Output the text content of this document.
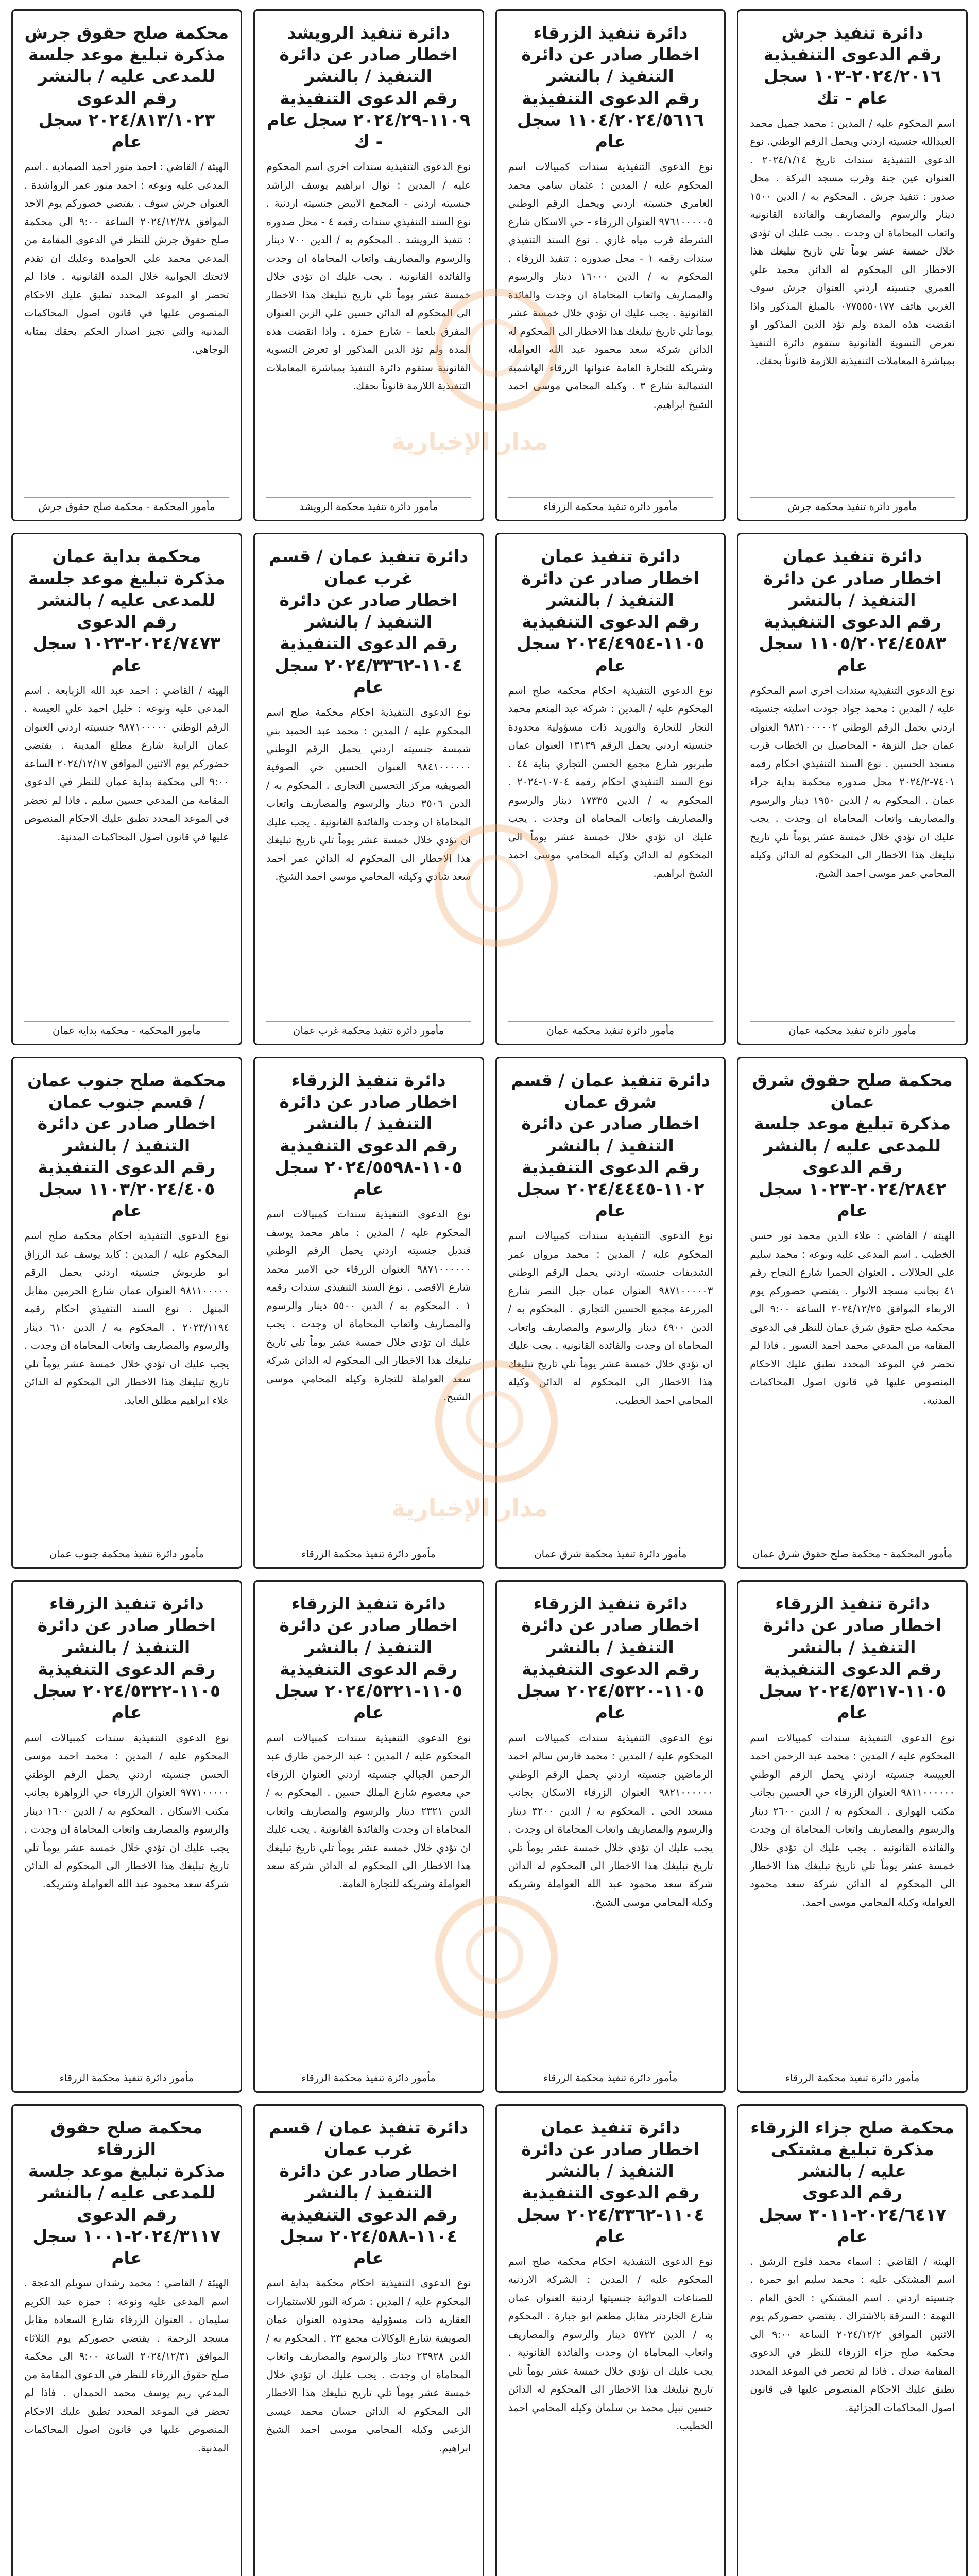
دائرة تنفيذ جرش
رقم الدعوى التنفيذية ٢٠٢٤/٢٠١٦-١٠٣ سجل عام - تك

اسم المحكوم عليه / المدين : محمد جميل محمد العبدالله جنسيته اردني ويحمل الرقم الوطني. نوع الدعوى التنفيذية سندات تاريخ ٢٠٢٤/١/١٤ . العنوان عين جنة وقرب مسجد البركة . محل صدور : تنفيذ جرش . المحكوم به / الدين ١٥٠٠ دينار والرسوم والمصاريف والفائدة القانونية واتعاب المحاماة ان وجدت . يجب عليك ان تؤدي خلال خمسة عشر يوماً تلي تاريخ تبليغك هذا الاخطار الى المحكوم له الدائن محمد علي العمري جنسيته اردني العنوان جرش سوف الغربي هاتف ٠٧٧٥٥٥٠١٧٧ بالمبلغ المذكور واذا انقضت هذه المدة ولم تؤد الدين المذكور او تعرض التسوية القانونية ستقوم دائرة التنفيذ بمباشرة المعاملات التنفيذية اللازمة قانوناً بحقك.

مأمور دائرة تنفيذ محكمة جرش
دائرة تنفيذ الزرقاء
اخطار صادر عن دائرة التنفيذ / بالنشر
رقم الدعوى التنفيذية ١١٠٤/٢٠٢٤/٥٦١٦ سجل عام

نوع الدعوى التنفيذية سندات كمبيالات اسم المحكوم عليه / المدين : عثمان سامي محمد العامري جنسيته اردني ويحمل الرقم الوطني ٩٧٦١٠٠٠٠٠٥ العنوان الزرقاء - حي الاسكان شارع الشرطة قرب مياه غازي . نوع السند التنفيذي سندات رقمه ١ - محل صدوره : تنفيذ الزرقاء . المحكوم به / الدين ١٦٠٠٠ دينار والرسوم والمصاريف واتعاب المحاماة ان وجدت والفائدة القانونية . يجب عليك ان تؤدي خلال خمسة عشر يوماً تلي تاريخ تبليغك هذا الاخطار الى المحكوم له الدائن شركة سعد محمود عبد الله العواملة وشريكه للتجارة العامة عنوانها الزرقاء الهاشمية الشمالية شارع ٣ . وكيله المحامي موسى احمد الشيخ ابراهيم.

مأمور دائرة تنفيذ محكمة الزرقاء
دائرة تنفيذ الرويشد
اخطار صادر عن دائرة التنفيذ / بالنشر
رقم الدعوى التنفيذية ١١٠٩-٢٠٢٤/٢٩ سجل عام - ك

نوع الدعوى التنفيذية سندات اخرى اسم المحكوم عليه / المدين : نوال ابراهيم يوسف الراشد جنسيته اردني - المجمع الابيض جنسيته اردنية . نوع السند التنفيذي سندات رقمه ٤ - محل صدوره : تنفيذ الرويشد . المحكوم به / الدين ٧٠٠ دينار والرسوم والمصاريف واتعاب المحاماة ان وجدت والفائدة القانونية . يجب عليك ان تؤدي خلال خمسة عشر يوماً تلي تاريخ تبليغك هذا الاخطار الى المحكوم له الدائن حسين علي الزبن العنوان المفرق بلعما - شارع حمزة . واذا انقضت هذه المدة ولم تؤد الدين المذكور او تعرض التسوية القانونية ستقوم دائرة التنفيذ بمباشرة المعاملات التنفيذية اللازمة قانوناً بحقك.

مأمور دائرة تنفيذ محكمة الرويشد
محكمة صلح حقوق جرش
مذكرة تبليغ موعد جلسة للمدعى عليه / بالنشر
رقم الدعوى ٢٠٢٤/٨١٣/١٠٢٣ سجل عام

الهيئة / القاضي : احمد منور احمد الصمادية . اسم المدعى عليه ونوعه : احمد منور عمر الرواشدة . العنوان جرش سوف . يقتضي حضوركم يوم الاحد الموافق ٢٠٢٤/١٢/٢٨ الساعة ٩:٠٠ الى محكمة صلح حقوق جرش للنظر في الدعوى المقامة من المدعي محمد علي الحوامدة وعليك ان تقدم لائحتك الجوابية خلال المدة القانونية . فاذا لم تحضر او الموعد المحدد تطبق عليك الاحكام المنصوص عليها في قانون اصول المحاكمات المدنية والتي تجيز اصدار الحكم بحقك بمثابة الوجاهي.

مأمور المحكمة - محكمة صلح حقوق جرش
دائرة تنفيذ عمان
اخطار صادر عن دائرة التنفيذ / بالنشر
رقم الدعوى التنفيذية ١١٠٥/٢٠٢٤/٤٥٨٣ سجل عام

نوع الدعوى التنفيذية سندات اخرى اسم المحكوم عليه / المدين : محمد جواد جودت اسليته جنسيته اردني يحمل الرقم الوطني ٩٨٢١٠٠٠٠٠٢ العنوان عمان جبل النزهة - المحاصيل بن الخطاب قرب مسجد الحسين . نوع السند التنفيذي احكام رقمه ٧٤٠١-٢٠٢٤/٢ محل صدوره محكمة بداية جزاء عمان . المحكوم به / الدين ١٩٥٠ دينار والرسوم والمصاريف واتعاب المحاماة ان وجدت . يجب عليك ان تؤدي خلال خمسة عشر يوماً تلي تاريخ تبليغك هذا الاخطار الى المحكوم له الدائن وكيله المحامي عمر موسى احمد الشيخ.

مأمور دائرة تنفيذ محكمة عمان
دائرة تنفيذ عمان
اخطار صادر عن دائرة التنفيذ / بالنشر
رقم الدعوى التنفيذية ١١٠٥-٢٠٢٤/٤٩٥٤ سجل عام

نوع الدعوى التنفيذية احكام محكمة صلح اسم المحكوم عليه / المدين : شركة عبد المنعم محمد النجار للتجارة والتوريد ذات مسؤولية محدودة جنسيته اردني يحمل الرقم ١٣١٣٩ العنوان عمان طبربور شارع مجمع الحسن التجاري بناية ٤٤ . نوع السند التنفيذي احكام رقمه ١٠٧٠٤-٢٠٢٤ . المحكوم به / الدين ١٧٣٣٥ دينار والرسوم والمصاريف واتعاب المحاماة ان وجدت . يجب عليك ان تؤدي خلال خمسة عشر يوماً الى المحكوم له الدائن وكيله المحامي موسى احمد الشيخ ابراهيم.

مأمور دائرة تنفيذ محكمة عمان
دائرة تنفيذ عمان / قسم غرب عمان
اخطار صادر عن دائرة التنفيذ / بالنشر
رقم الدعوى التنفيذية ١١٠٤-٢٠٢٤/٣٣٦٢ سجل عام

نوع الدعوى التنفيذية احكام محكمة صلح اسم المحكوم عليه / المدين : محمد عبد الحميد بني شمسة جنسيته اردني يحمل الرقم الوطني ٩٨٤١٠٠٠٠٠٠ العنوان الحسين حي الصوفية الصويفية مركز التحسين التجاري . المحكوم به / الدين ٣٥٠٦ دينار والرسوم والمصاريف واتعاب المحاماة ان وجدت والفائدة القانونية . يجب عليك ان تؤدي خلال خمسة عشر يوماً تلي تاريخ تبليغك هذا الاخطار الى المحكوم له الدائن عمر احمد سعد شادي وكيلته المحامي موسى احمد الشيخ.

مأمور دائرة تنفيذ محكمة غرب عمان
محكمة بداية عمان
مذكرة تبليغ موعد جلسة للمدعى عليه / بالنشر
رقم الدعوى ٢٠٢٤/٧٤٧٣-١٠٢٣ سجل عام

الهيئة / القاضي : احمد عبد الله الزبابعة . اسم المدعى عليه ونوعه : خليل احمد علي العيسة . الرقم الوطني ٩٨٧١٠٠٠٠٠ جنسيته اردني العنوان عمان الرابية شارع مطلع المدينة . يقتضي حضوركم يوم الاثنين الموافق ٢٠٢٤/١٢/١٧ الساعة ٩:٠٠ الى محكمة بداية عمان للنظر في الدعوى المقامة من المدعي حسين سليم . فاذا لم تحضر في الموعد المحدد تطبق عليك الاحكام المنصوص عليها في قانون اصول المحاكمات المدنية.

مأمور المحكمة - محكمة بداية عمان
محكمة صلح حقوق شرق عمان
مذكرة تبليغ موعد جلسة للمدعى عليه / بالنشر
رقم الدعوى ٢٠٢٤/٢٨٤٢-١٠٢٣ سجل عام

الهيئة / القاضي : علاء الدين محمد نور حسن الخطيب . اسم المدعى عليه ونوعه : محمد سليم علي الحلالات . العنوان الحمرا شارع النجاح رقم ٤١ بجانب مسجد الانوار . يقتضي حضوركم يوم الاربعاء الموافق ٢٠٢٤/١٢/٢٥ الساعة ٩:٠٠ الى محكمة صلح حقوق شرق عمان للنظر في الدعوى المقامة من المدعي محمد احمد النسور . فاذا لم تحضر في الموعد المحدد تطبق عليك الاحكام المنصوص عليها في قانون اصول المحاكمات المدنية.

مأمور المحكمة - محكمة صلح حقوق شرق عمان
دائرة تنفيذ عمان / قسم شرق عمان
اخطار صادر عن دائرة التنفيذ / بالنشر
رقم الدعوى التنفيذية ١١٠٢-٢٠٢٤/٤٤٤٥ سجل عام

نوع الدعوى التنفيذية سندات كمبيالات اسم المحكوم عليه / المدين : محمد مروان عمر الشديفات جنسيته اردني يحمل الرقم الوطني ٩٨٧١٠٠٠٠٠٣ العنوان عمان جبل النصر شارع المزرعة مجمع الحسين التجاري . المحكوم به / الدين ٤٩٠٠ دينار والرسوم والمصاريف واتعاب المحاماة ان وجدت والفائدة القانونية . يجب عليك ان تؤدي خلال خمسة عشر يوماً تلي تاريخ تبليغك هذا الاخطار الى المحكوم له الدائن وكيله المحامي احمد الخطيب.

مأمور دائرة تنفيذ محكمة شرق عمان
دائرة تنفيذ الزرقاء
اخطار صادر عن دائرة التنفيذ / بالنشر
رقم الدعوى التنفيذية ١١٠٥-٢٠٢٤/٥٥٩٨ سجل عام

نوع الدعوى التنفيذية سندات كمبيالات اسم المحكوم عليه / المدين : ماهر محمد يوسف قنديل جنسيته اردني يحمل الرقم الوطني ٩٨٧١٠٠٠٠٠٠ العنوان الزرقاء حي الامير محمد شارع الاقصى . نوع السند التنفيذي سندات رقمه ١ . المحكوم به / الدين ٥٥٠٠ دينار والرسوم والمصاريف واتعاب المحاماة ان وجدت . يجب عليك ان تؤدي خلال خمسة عشر يوماً تلي تاريخ تبليغك هذا الاخطار الى المحكوم له الدائن شركة سعد العواملة للتجارة وكيله المحامي موسى الشيخ.

مأمور دائرة تنفيذ محكمة الزرقاء
محكمة صلح جنوب عمان / قسم جنوب عمان
اخطار صادر عن دائرة التنفيذ / بالنشر
رقم الدعوى التنفيذية ١١٠٣/٢٠٢٤/٤٠٥ سجل عام

نوع الدعوى التنفيذية احكام محكمة صلح اسم المحكوم عليه / المدين : كايد يوسف عبد الرزاق ابو طربوش جنسيته اردني يحمل الرقم ٩٨١١٠٠٠٠٠ العنوان عمان شارع الحرمين مقابل المنهل . نوع السند التنفيذي احكام رقمه ٢٠٢٣/١١٩٤ . المحكوم به / الدين ٦١٠ دينار والرسوم والمصاريف واتعاب المحاماة ان وجدت . يجب عليك ان تؤدي خلال خمسة عشر يوماً تلي تاريخ تبليغك هذا الاخطار الى المحكوم له الدائن علاء ابراهيم مطلق العايد.

مأمور دائرة تنفيذ محكمة جنوب عمان
دائرة تنفيذ الزرقاء
اخطار صادر عن دائرة التنفيذ / بالنشر
رقم الدعوى التنفيذية ١١٠٥-٢٠٢٤/٥٣١٧ سجل عام

نوع الدعوى التنفيذية سندات كمبيالات اسم المحكوم عليه / المدين : محمد عبد الرحمن احمد العبيسة جنسيته اردني يحمل الرقم الوطني ٩٨١١٠٠٠٠٠٠ العنوان الزرقاء حي الحسين بجانب مكتب الهواري . المحكوم به / الدين ٢٦٠٠ دينار والرسوم والمصاريف واتعاب المحاماة ان وجدت والفائدة القانونية . يجب عليك ان تؤدي خلال خمسة عشر يوماً تلي تاريخ تبليغك هذا الاخطار الى المحكوم له الدائن شركة سعد محمود العواملة وكيله المحامي موسى احمد.

مأمور دائرة تنفيذ محكمة الزرقاء
دائرة تنفيذ الزرقاء
اخطار صادر عن دائرة التنفيذ / بالنشر
رقم الدعوى التنفيذية ١١٠٥-٢٠٢٤/٥٣٢٠ سجل عام

نوع الدعوى التنفيذية سندات كمبيالات اسم المحكوم عليه / المدين : محمد فارس سالم احمد الرماضين جنسيته اردني يحمل الرقم الوطني ٩٨٢١٠٠٠٠٠٠ العنوان الزرقاء الاسكان بجانب مسجد الحي . المحكوم به / الدين ٣٢٠٠ دينار والرسوم والمصاريف واتعاب المحاماة ان وجدت . يجب عليك ان تؤدي خلال خمسة عشر يوماً تلي تاريخ تبليغك هذا الاخطار الى المحكوم له الدائن شركة سعد محمود عبد الله العواملة وشريكه وكيله المحامي موسى الشيخ.

مأمور دائرة تنفيذ محكمة الزرقاء
دائرة تنفيذ الزرقاء
اخطار صادر عن دائرة التنفيذ / بالنشر
رقم الدعوى التنفيذية ١١٠٥-٢٠٢٤/٥٣٢١ سجل عام

نوع الدعوى التنفيذية سندات كمبيالات اسم المحكوم عليه / المدين : عبد الرحمن طارق عبد الرحمن الجبالي جنسيته اردني العنوان الزرقاء حي معصوم شارع الملك حسين . المحكوم به / الدين ٢٣٢١ دينار والرسوم والمصاريف واتعاب المحاماة ان وجدت والفائدة القانونية . يجب عليك ان تؤدي خلال خمسة عشر يوماً تلي تاريخ تبليغك هذا الاخطار الى المحكوم له الدائن شركة سعد العواملة وشريكه للتجارة العامة.

مأمور دائرة تنفيذ محكمة الزرقاء
دائرة تنفيذ الزرقاء
اخطار صادر عن دائرة التنفيذ / بالنشر
رقم الدعوى التنفيذية ١١٠٥-٢٠٢٤/٥٣٢٢ سجل عام

نوع الدعوى التنفيذية سندات كمبيالات اسم المحكوم عليه / المدين : محمد احمد موسى الحسن جنسيته اردني يحمل الرقم الوطني ٩٧٧١٠٠٠٠٠ العنوان الزرقاء حي الزواهرة بجانب مكتب الاسكان . المحكوم به / الدين ١٦٠٠ دينار والرسوم والمصاريف واتعاب المحاماة ان وجدت . يجب عليك ان تؤدي خلال خمسة عشر يوماً تلي تاريخ تبليغك هذا الاخطار الى المحكوم له الدائن شركة سعد محمود عبد الله العواملة وشريكه.

مأمور دائرة تنفيذ محكمة الزرقاء
محكمة صلح جزاء الزرقاء
مذكرة تبليغ مشتكى عليه / بالنشر
رقم الدعوى ٢٠٢٤/٦٤١٧-٣٠١١ سجل عام

الهيئة / القاضي : اسماء محمد فلوح الرشق . اسم المشتكى عليه : محمد سليم ابو حمرة . جنسيته اردني . اسم المشتكي : الحق العام . التهمة : السرقة بالاشتراك . يقتضي حضوركم يوم الاثنين الموافق ٢٠٢٤/١٢/٢ الساعة ٩:٠٠ الى محكمة صلح جزاء الزرقاء للنظر في الدعوى المقامة ضدك . فاذا لم تحضر في الموعد المحدد تطبق عليك الاحكام المنصوص عليها في قانون اصول المحاكمات الجزائية.

دائرة تنفيذ عمان
اخطار صادر عن دائرة التنفيذ / بالنشر
رقم الدعوى التنفيذية ١١٠٤-٢٠٢٤/٣٣٦٢ سجل عام

نوع الدعوى التنفيذية احكام محكمة صلح اسم المحكوم عليه / المدين : الشركة الاردنية للصناعات الدوائية جنسيتها اردنية العنوان عمان شارع الجاردنز مقابل مطعم ابو جبارة . المحكوم به / الدين ٥٧٢٢ دينار والرسوم والمصاريف واتعاب المحاماة ان وجدت والفائدة القانونية . يجب عليك ان تؤدي خلال خمسة عشر يوماً تلي تاريخ تبليغك هذا الاخطار الى المحكوم له الدائن حسين نبيل محمد بن سلمان وكيله المحامي احمد الخطيب.

دائرة تنفيذ عمان / قسم غرب عمان
اخطار صادر عن دائرة التنفيذ / بالنشر
رقم الدعوى التنفيذية ١١٠٤-٢٠٢٤/٥٨٨ سجل عام

نوع الدعوى التنفيذية احكام محكمة بداية اسم المحكوم عليه / المدين : شركة النور للاستثمارات العقارية ذات مسؤولية محدودة العنوان عمان الصويفية شارع الوكالات مجمع ٢٣ . المحكوم به / الدين ٢٣٩٢٨ دينار والرسوم والمصاريف واتعاب المحاماة ان وجدت . يجب عليك ان تؤدي خلال خمسة عشر يوماً تلي تاريخ تبليغك هذا الاخطار الى المحكوم له الدائن حسان محمد عيسى الزعبي وكيله المحامي موسى احمد الشيخ ابراهيم.

محكمة صلح حقوق الزرقاء
مذكرة تبليغ موعد جلسة للمدعى عليه / بالنشر
رقم الدعوى ٢٠٢٤/٣١١٧-١٠٠١ سجل عام

الهيئة / القاضي : محمد رشدان سويلم الدعجة . اسم المدعى عليه ونوعه : حمزة عبد الكريم سليمان . العنوان الزرقاء شارع السعادة مقابل مسجد الرحمة . يقتضي حضوركم يوم الثلاثاء الموافق ٢٠٢٤/١٢/٣١ الساعة ٩:٠٠ الى محكمة صلح حقوق الزرقاء للنظر في الدعوى المقامة من المدعي ريم يوسف محمد الحمدان . فاذا لم تحضر في الموعد المحدد تطبق عليك الاحكام المنصوص عليها في قانون اصول المحاكمات المدنية.

مدار الإخبارية
مدار الإخبارية
